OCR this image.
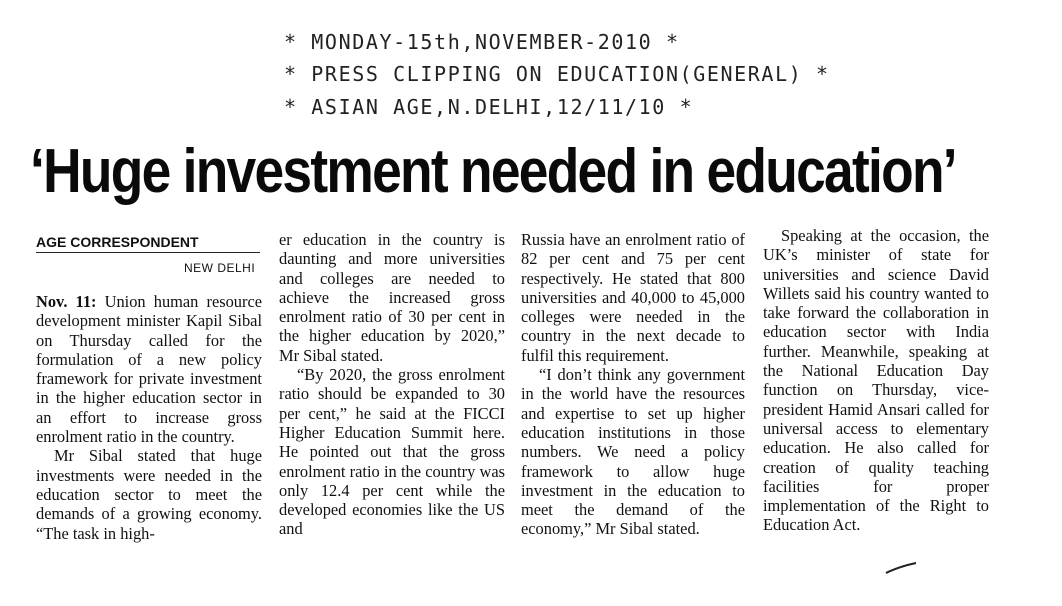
* MONDAY-15th,NOVEMBER-2010 *
* PRESS CLIPPING ON EDUCATION(GENERAL) *
* ASIAN AGE,N.DELHI,12/11/10 *
‘Huge investment needed in education’
AGE CORRESPONDENT
NEW DELHI

Nov. 11: Union human resource development minister Kapil Sibal on Thursday called for the formulation of a new policy framework for private investment in the higher education sector in an effort to increase gross enrolment ratio in the country.

Mr Sibal stated that huge investments were needed in the education sector to meet the demands of a growing economy. “The task in high-

er education in the country is daunting and more universities and colleges are needed to achieve the increased gross enrolment ratio of 30 per cent in the higher education by 2020,” Mr Sibal stated.

“By 2020, the gross enrolment ratio should be expanded to 30 per cent,” he said at the FICCI Higher Education Summit here. He pointed out that the gross enrolment ratio in the country was only 12.4 per cent while the developed economies like the US and

Russia have an enrolment ratio of 82 per cent and 75 per cent respectively. He stated that 800 universities and 40,000 to 45,000 colleges were needed in the country in the next decade to fulfil this requirement.

“I don’t think any government in the world have the resources and expertise to set up higher education institutions in those numbers. We need a policy framework to allow huge investment in the education to meet the demand of the economy,” Mr Sibal stated.

Speaking at the occasion, the UK’s minister of state for universities and science David Willets said his country wanted to take forward the collaboration in education sector with India further. Meanwhile, speaking at the National Education Day function on Thursday, vice-president Hamid Ansari called for universal access to elementary education. He also called for creation of quality teaching facilities for proper implementation of the Right to Education Act.
